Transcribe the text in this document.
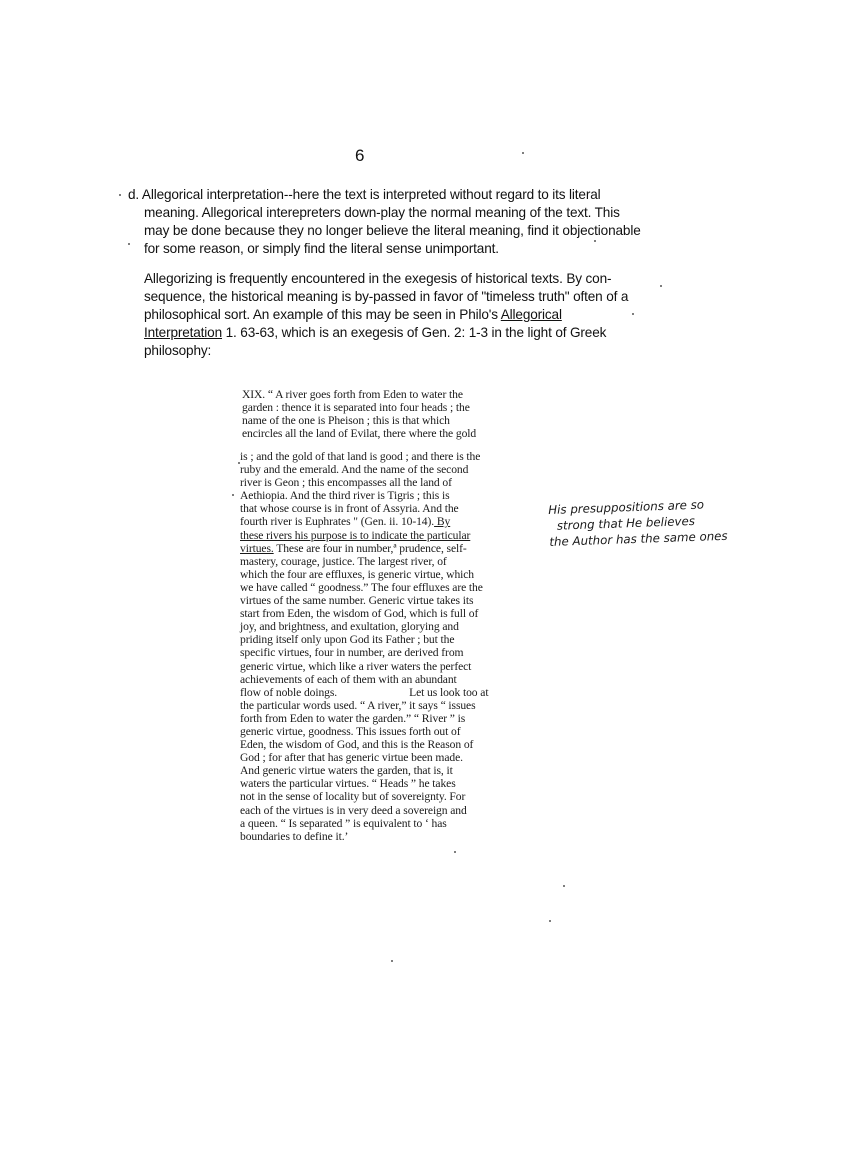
6
d. Allegorical interpretation--here the text is interpreted without regard to its literal
meaning. Allegorical interepreters down-play the normal meaning of the text. This
may be done because they no longer believe the literal meaning, find it objectionable
for some reason, or simply find the literal sense unimportant.
Allegorizing is frequently encountered in the exegesis of historical texts. By con-
sequence, the historical meaning is by-passed in favor of "timeless truth" often of a
philosophical sort. An example of this may be seen in Philo's Allegorical
Interpretation 1. 63-63, which is an exegesis of Gen. 2: 1-3 in the light of Greek
philosophy:
XIX. “ A river goes forth from Eden to water the
garden : thence it is separated into four heads ; the
name of the one is Pheison ; this is that which
encircles all the land of Evilat, there where the gold
is ; and the gold of that land is good ; and there is the
ruby and the emerald. And the name of the second
river is Geon ; this encompasses all the land of
Aethiopia. And the third river is Tigris ; this is
that whose course is in front of Assyria. And the
fourth river is Euphrates " (Gen. ii. 10-14). By
these rivers his purpose is to indicate the particular
virtues. These are four in number,ª prudence, self-
mastery, courage, justice. The largest river, of
which the four are effluxes, is generic virtue, which
we have called “ goodness.” The four effluxes are the
virtues of the same number. Generic virtue takes its
start from Eden, the wisdom of God, which is full of
joy, and brightness, and exultation, glorying and
priding itself only upon God its Father ; but the
specific virtues, four in number, are derived from
generic virtue, which like a river waters the perfect
achievements of each of them with an abundant
flow of noble doings.	Let us look too at
the particular words used. “ A river,” it says “ issues
forth from Eden to water the garden.” “ River ” is
generic virtue, goodness. This issues forth out of
Eden, the wisdom of God, and this is the Reason of
God ; for after that has generic virtue been made.
And generic virtue waters the garden, that is, it
waters the particular virtues. “ Heads ” he takes
not in the sense of locality but of sovereignty. For
each of the virtues is in very deed a sovereign and
a queen. “ Is separated ” is equivalent to ‘ has
boundaries to define it.’
His presuppositions are so
strong that He believes
the Author has the same ones
